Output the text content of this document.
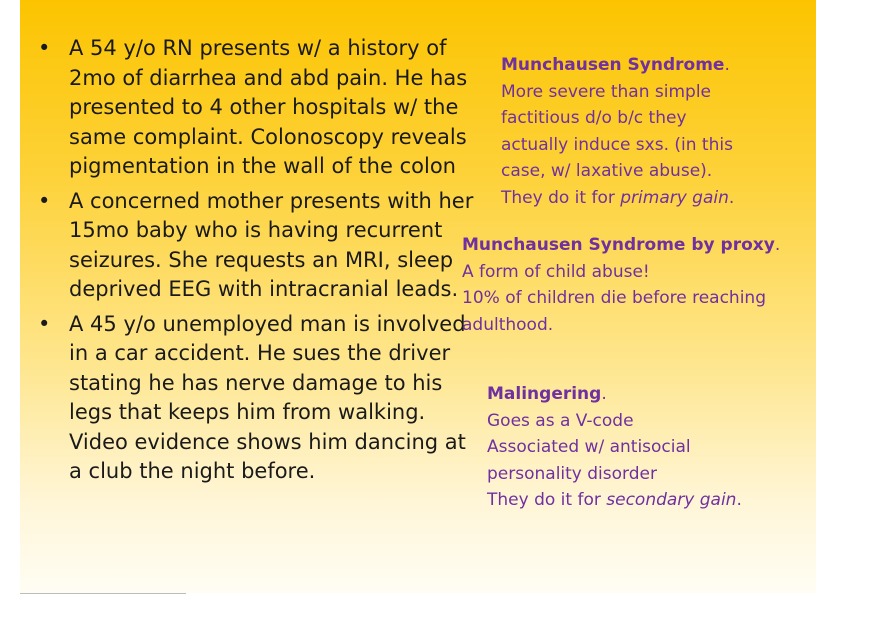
• A 54 y/o RN presents w/ a history of 2mo of diarrhea and abd pain. He has presented to 4 other hospitals w/ the same complaint. Colonoscopy reveals pigmentation in the wall of the colon
• A concerned mother presents with her 15mo baby who is having recurrent seizures. She requests an MRI, sleep deprived EEG with intracranial leads.
• A 45 y/o unemployed man is involved in a car accident. He sues the driver stating he has nerve damage to his legs that keeps him from walking. Video evidence shows him dancing at a club the night before.
Munchausen Syndrome.
More severe than simple
factitious d/o b/c they
actually induce sxs. (in this
case, w/ laxative abuse).
They do it for primary gain.
Munchausen Syndrome by proxy.
A form of child abuse!
10% of children die before reaching
adulthood.
Malingering.
Goes as a V-code
Associated w/ antisocial
personality disorder
They do it for secondary gain.
